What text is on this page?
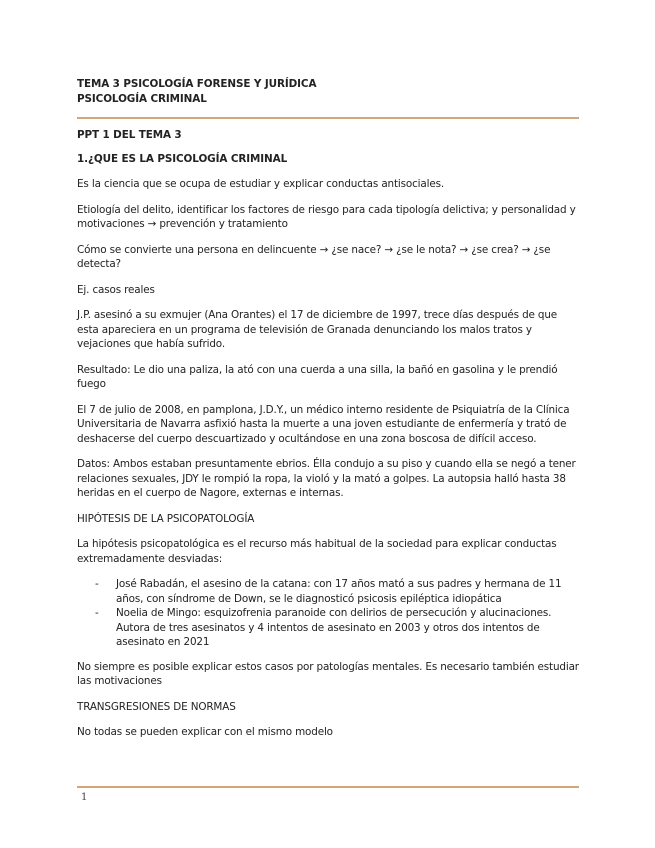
TEMA 3 PSICOLOGÍA FORENSE Y JURÍDICA
PSICOLOGÍA CRIMINAL
PPT 1 DEL TEMA 3
1.¿QUE ES LA PSICOLOGÍA CRIMINAL

Es la ciencia que se ocupa de estudiar y explicar conductas antisociales.

Etiología del delito, identificar los factores de riesgo para cada tipología delictiva; y personalidad y motivaciones → prevención y tratamiento

Cómo se convierte una persona en delincuente → ¿se nace? → ¿se le nota? → ¿se crea? → ¿se detecta?

Ej. casos reales

J.P. asesinó a su exmujer (Ana Orantes) el 17 de diciembre de 1997, trece días después de que esta apareciera en un programa de televisión de Granada denunciando los malos tratos y vejaciones que había sufrido.

Resultado: Le dio una paliza, la ató con una cuerda a una silla, la bañó en gasolina y le prendió fuego

El 7 de julio de 2008, en pamplona, J.D.Y., un médico interno residente de Psiquiatría de la Clínica Universitaria de Navarra asfixió hasta la muerte a una joven estudiante de enfermería y trató de deshacerse del cuerpo descuartizado y ocultándose en una zona boscosa de difícil acceso.

Datos: Ambos estaban presuntamente ebrios. Élla condujo a su piso y cuando ella se negó a tener relaciones sexuales, JDY le rompió la ropa, la violó y la mató a golpes. La autopsia halló hasta 38 heridas en el cuerpo de Nagore, externas e internas.

HIPÓTESIS DE LA PSICOPATOLOGÍA

La hipótesis psicopatológica es el recurso más habitual de la sociedad para explicar conductas extremadamente desviadas:

- José Rabadán, el asesino de la catana: con 17 años mató a sus padres y hermana de 11 años, con síndrome de Down, se le diagnosticó psicosis epiléptica idiopática
- Noelia de Mingo: esquizofrenia paranoide con delirios de persecución y alucinaciones. Autora de tres asesinatos y 4 intentos de asesinato en 2003 y otros dos intentos de asesinato en 2021

No siempre es posible explicar estos casos por patologías mentales. Es necesario también estudiar las motivaciones

TRANSGRESIONES DE NORMAS

No todas se pueden explicar con el mismo modelo

1
